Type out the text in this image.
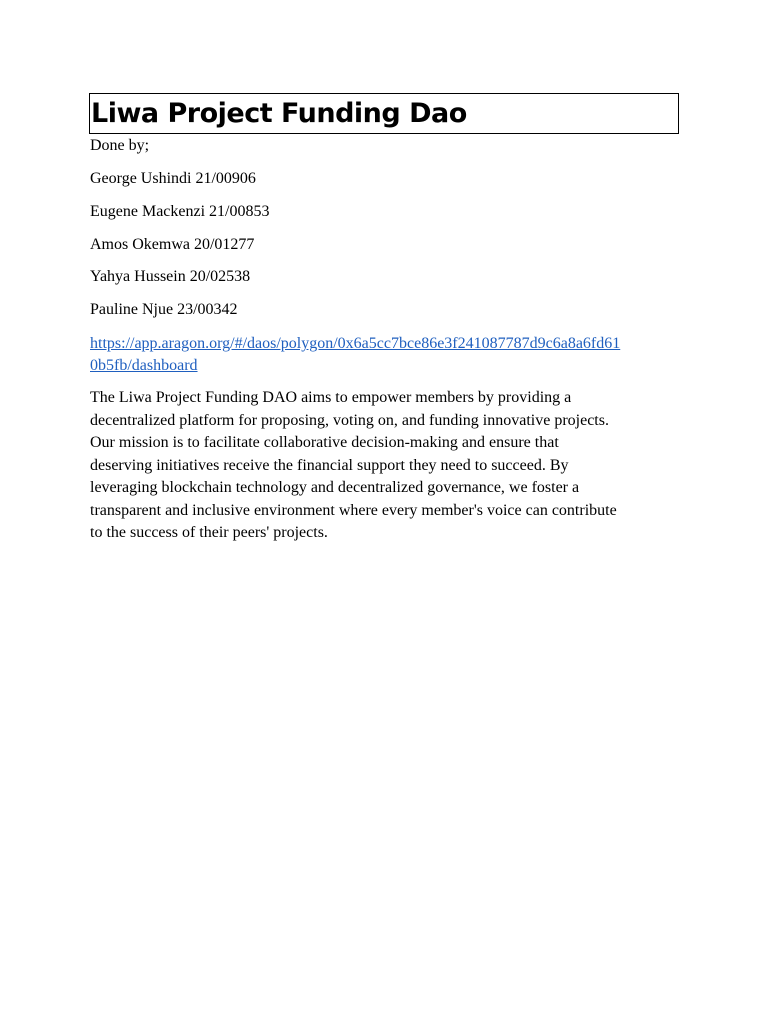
Liwa Project Funding Dao
Done by;
George Ushindi 21/00906
Eugene Mackenzi 21/00853
Amos Okemwa 20/01277
Yahya Hussein 20/02538
Pauline Njue 23/00342
https://app.aragon.org/#/daos/polygon/0x6a5cc7bce86e3f241087787d9c6a8a6fd61
0b5fb/dashboard
The Liwa Project Funding DAO aims to empower members by providing a
decentralized platform for proposing, voting on, and funding innovative projects.
Our mission is to facilitate collaborative decision-making and ensure that
deserving initiatives receive the financial support they need to succeed. By
leveraging blockchain technology and decentralized governance, we foster a
transparent and inclusive environment where every member's voice can contribute
to the success of their peers' projects.
